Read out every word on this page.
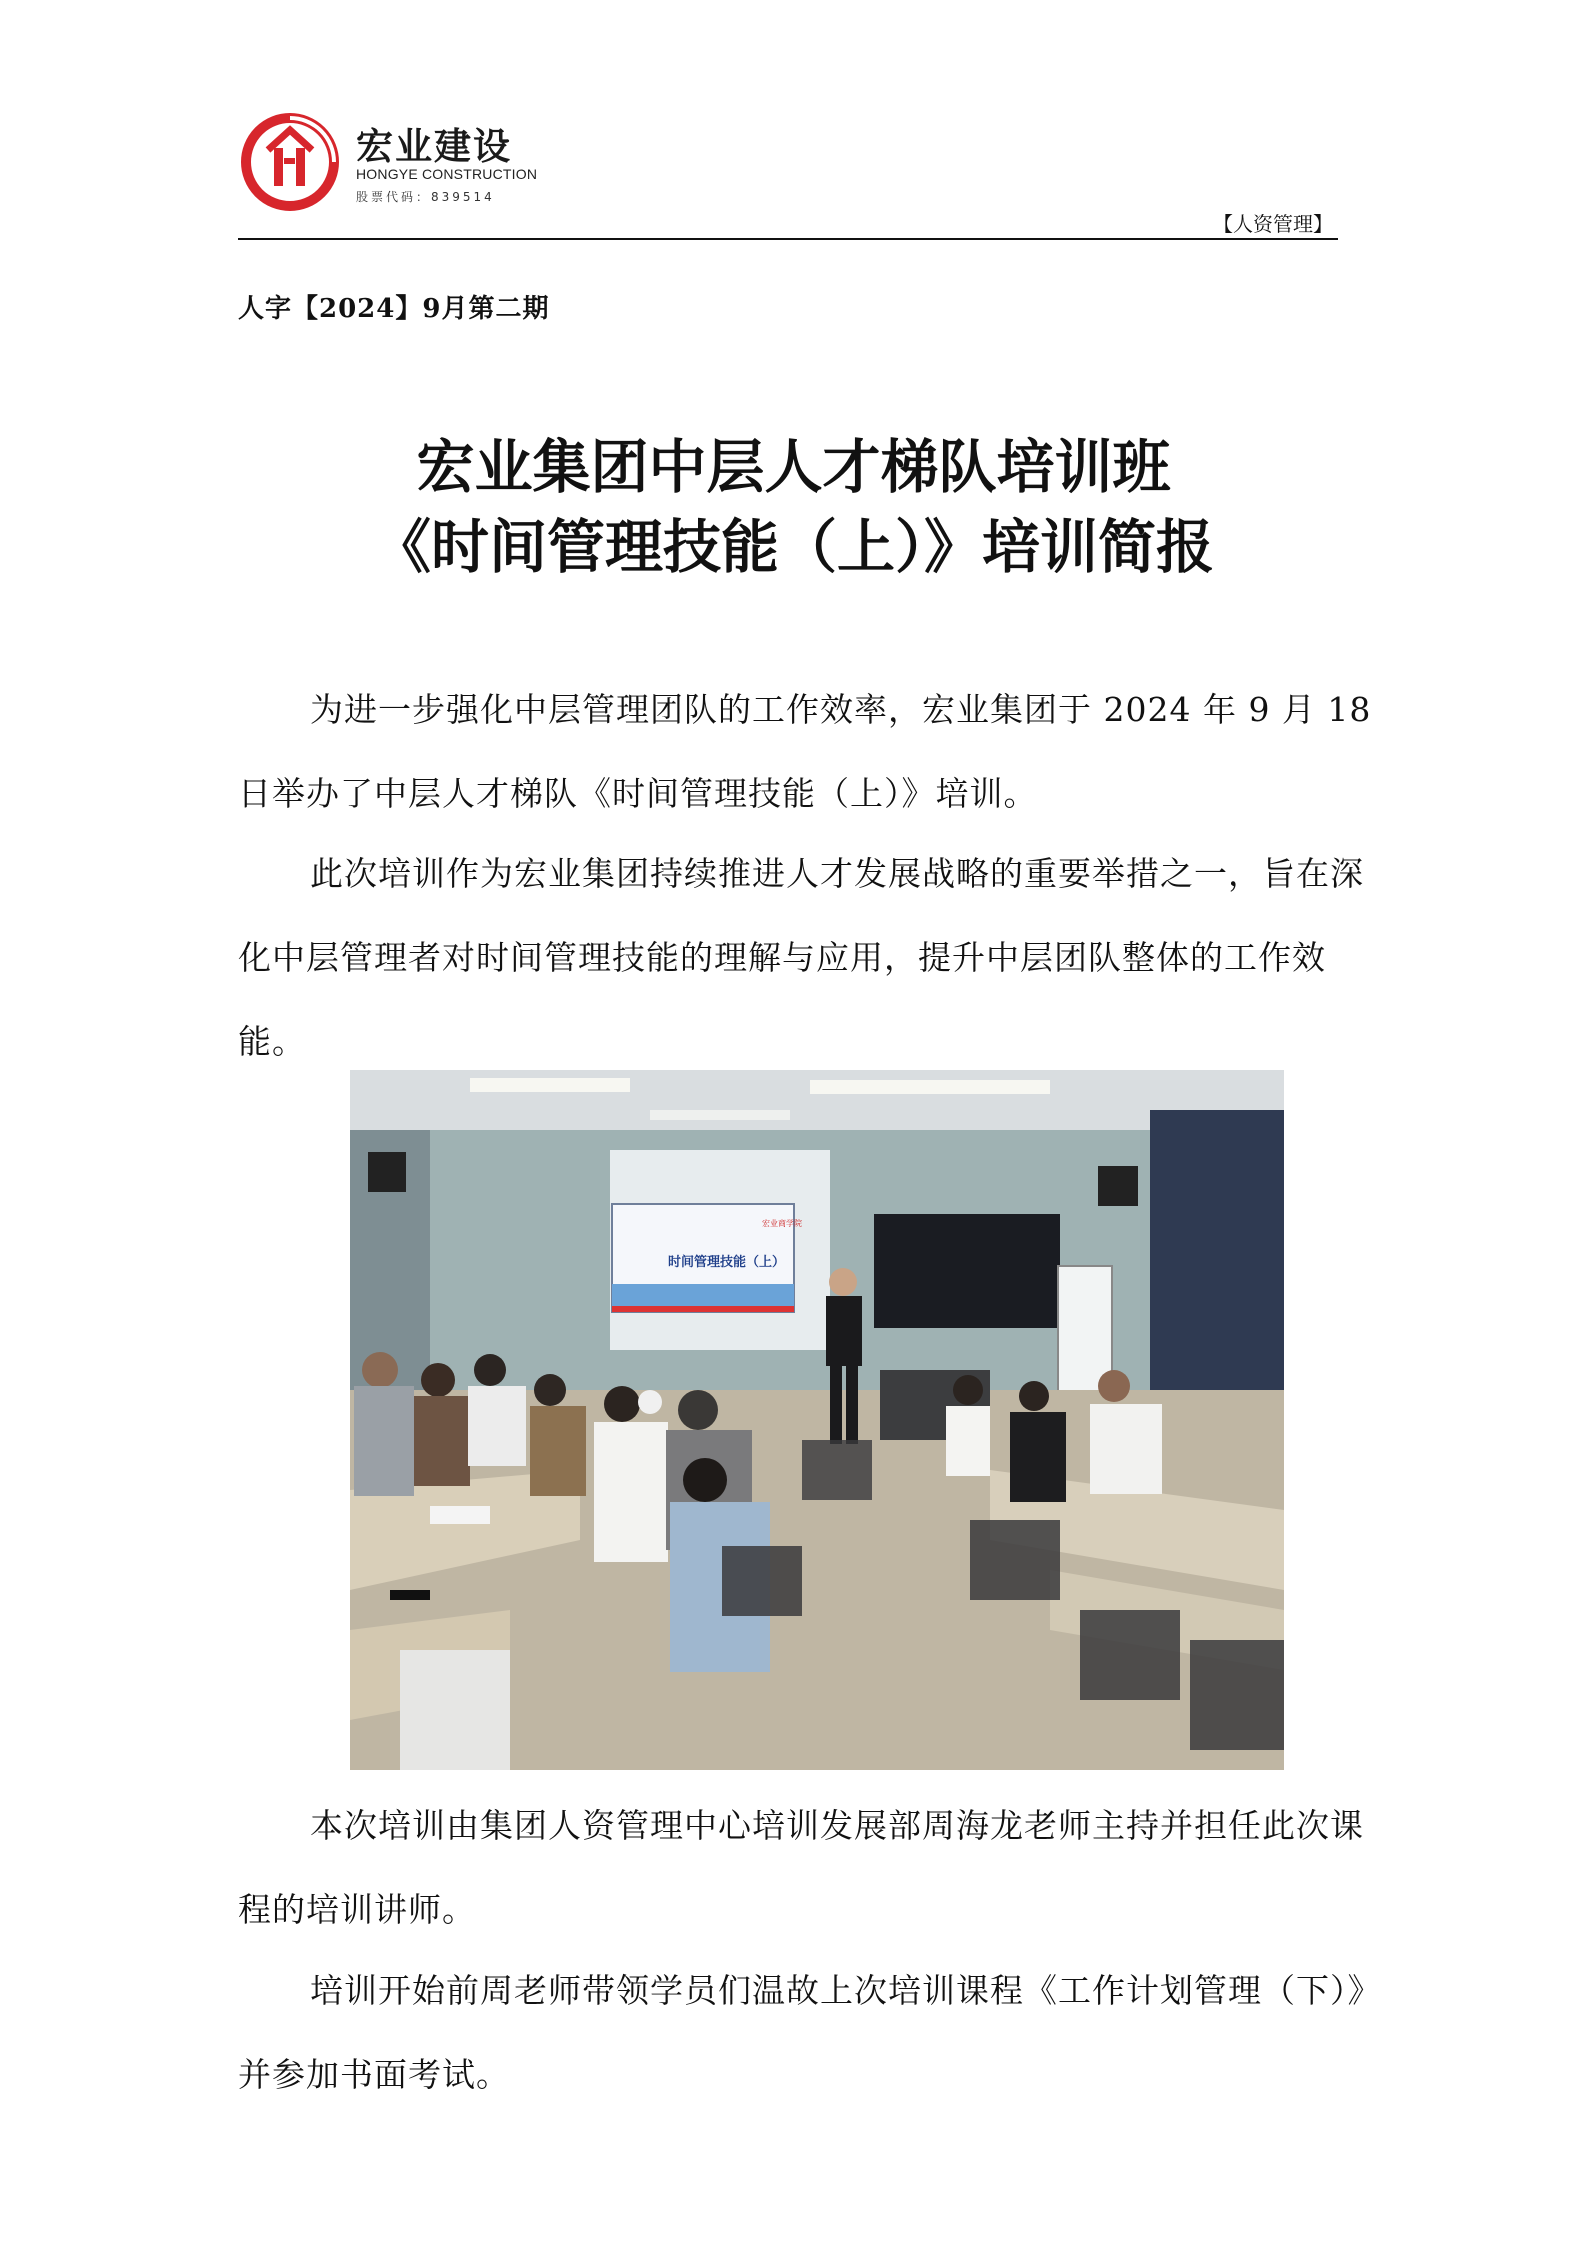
宏业建设
HONGYE CONSTRUCTION
股票代码：839514
【人资管理】
人字【2024】9月第二期
宏业集团中层人才梯队培训班
《时间管理技能（上）》培训简报

为进一步强化中层管理团队的工作效率，宏业集团于 2024 年 9 月 18 日举办了中层人才梯队《时间管理技能（上）》培训。

此次培训作为宏业集团持续推进人才发展战略的重要举措之一，旨在深化中层管理者对时间管理技能的理解与应用，提升中层团队整体的工作效能。

宏业商学院
时间管理技能（上）

本次培训由集团人资管理中心培训发展部周海龙老师主持并担任此次课程的培训讲师。

培训开始前周老师带领学员们温故上次培训课程《工作计划管理（下）》并参加书面考试。
